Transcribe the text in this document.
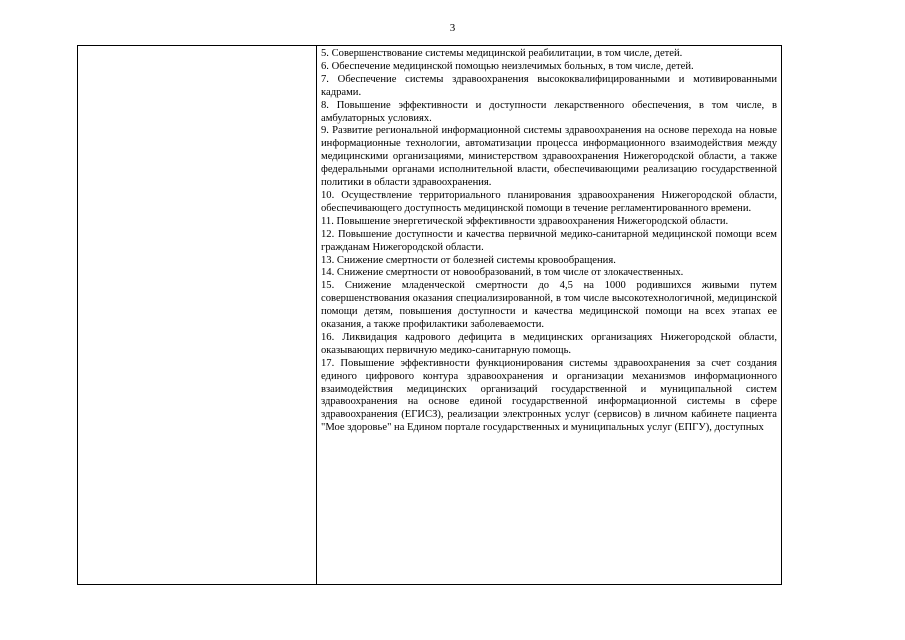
3

5. Совершенствование системы медицинской реабилитации, в том числе, детей.

6. Обеспечение медицинской помощью неизлечимых больных, в том числе, детей.

7. Обеспечение системы здравоохранения высококвалифицированными и мотивированными кадрами.

8. Повышение эффективности и доступности лекарственного обеспечения, в том числе, в амбулаторных условиях.

9. Развитие региональной информационной системы здравоохранения на основе перехода на новые информационные технологии, автоматизации процесса информационного взаимодействия между медицинскими организациями, министерством здравоохранения Нижегородской области, а также федеральными органами исполнительной власти, обеспечивающими реализацию государственной политики в области здравоохранения.

10. Осуществление территориального планирования здравоохранения Нижегородской области, обеспечивающего доступность медицинской помощи в течение регламентированного времени.

11. Повышение энергетической эффективности здравоохранения Нижегородской области.

12. Повышение доступности и качества первичной медико-санитарной медицинской помощи всем гражданам Нижегородской области.

13. Снижение смертности от болезней системы кровообращения.

14. Снижение смертности от новообразований, в том числе от злокачественных.

15. Снижение младенческой смертности до 4,5 на 1000 родившихся живыми путем совершенствования оказания специализированной, в том числе высокотехнологичной, медицинской помощи детям, повышения доступности и качества медицинской помощи на всех этапах ее оказания, а также профилактики заболеваемости.

16. Ликвидация кадрового дефицита в медицинских организациях Нижегородской области, оказывающих первичную медико-санитарную помощь.

17. Повышение эффективности функционирования системы здравоохранения за счет создания единого цифрового контура здравоохранения и организации механизмов информационного взаимодействия медицинских организаций государственной и муниципальной систем здравоохранения на основе единой государственной информационной системы в сфере здравоохранения (ЕГИСЗ), реализации электронных услуг (сервисов) в личном кабинете пациента "Мое здоровье" на Едином портале государственных и муниципальных услуг (ЕПГУ), доступных
